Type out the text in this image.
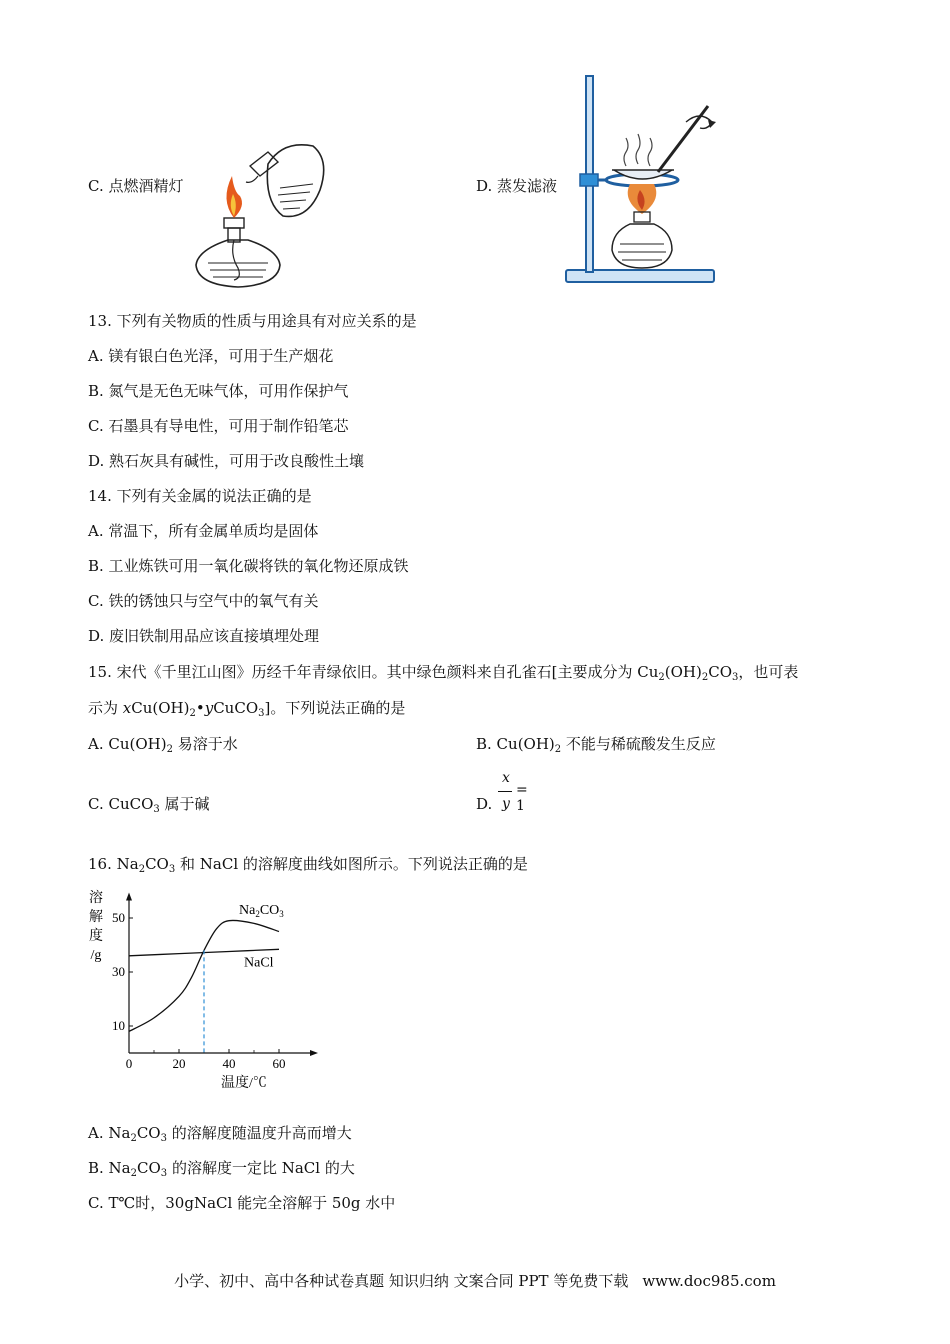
C. 点燃酒精灯	D. 蒸发滤液
13. 下列有关物质的性质与用途具有对应关系的是
A. 镁有银白色光泽，可用于生产烟花
B. 氮气是无色无味气体，可用作保护气
C. 石墨具有导电性，可用于制作铅笔芯
D. 熟石灰具有碱性，可用于改良酸性土壤
14. 下列有关金属的说法正确的是
A. 常温下，所有金属单质均是固体
B. 工业炼铁可用一氧化碳将铁的氧化物还原成铁
C. 铁的锈蚀只与空气中的氧气有关
D. 废旧铁制用品应该直接填埋处理
15. 宋代《千里江山图》历经千年青绿依旧。其中绿色颜料来自孔雀石[主要成分为 $Cu_2(OH)_2CO_3$，也可表
示为 $xCu(OH)_2•yCuCO_3$]。下列说法正确的是
A. $Cu(OH)_2$ 易溶于水	B. $Cu(OH)_2$ 不能与稀硫酸发生反应
C. CuCO$_3$ 属于碱	D.
x
y
= 1
16. $Na_2CO_3$ 和 NaCl 的溶解度曲线如图所示。下列说法正确的是
0	20	40	60
10
30
50
溶
解
度
/g
温度/℃
$Na_2CO_3$
NaCl
A. $Na_2CO_3$ 的溶解度随温度升高而增大
B. $Na_2CO_3$ 的溶解度一定比 NaCl 的大
C. T℃时，30gNaCl 能完全溶解于 50g 水中
小学、初中、高中各种试卷真题 知识归纳 文案合同 PPT 等免费下载 www.doc985.com
